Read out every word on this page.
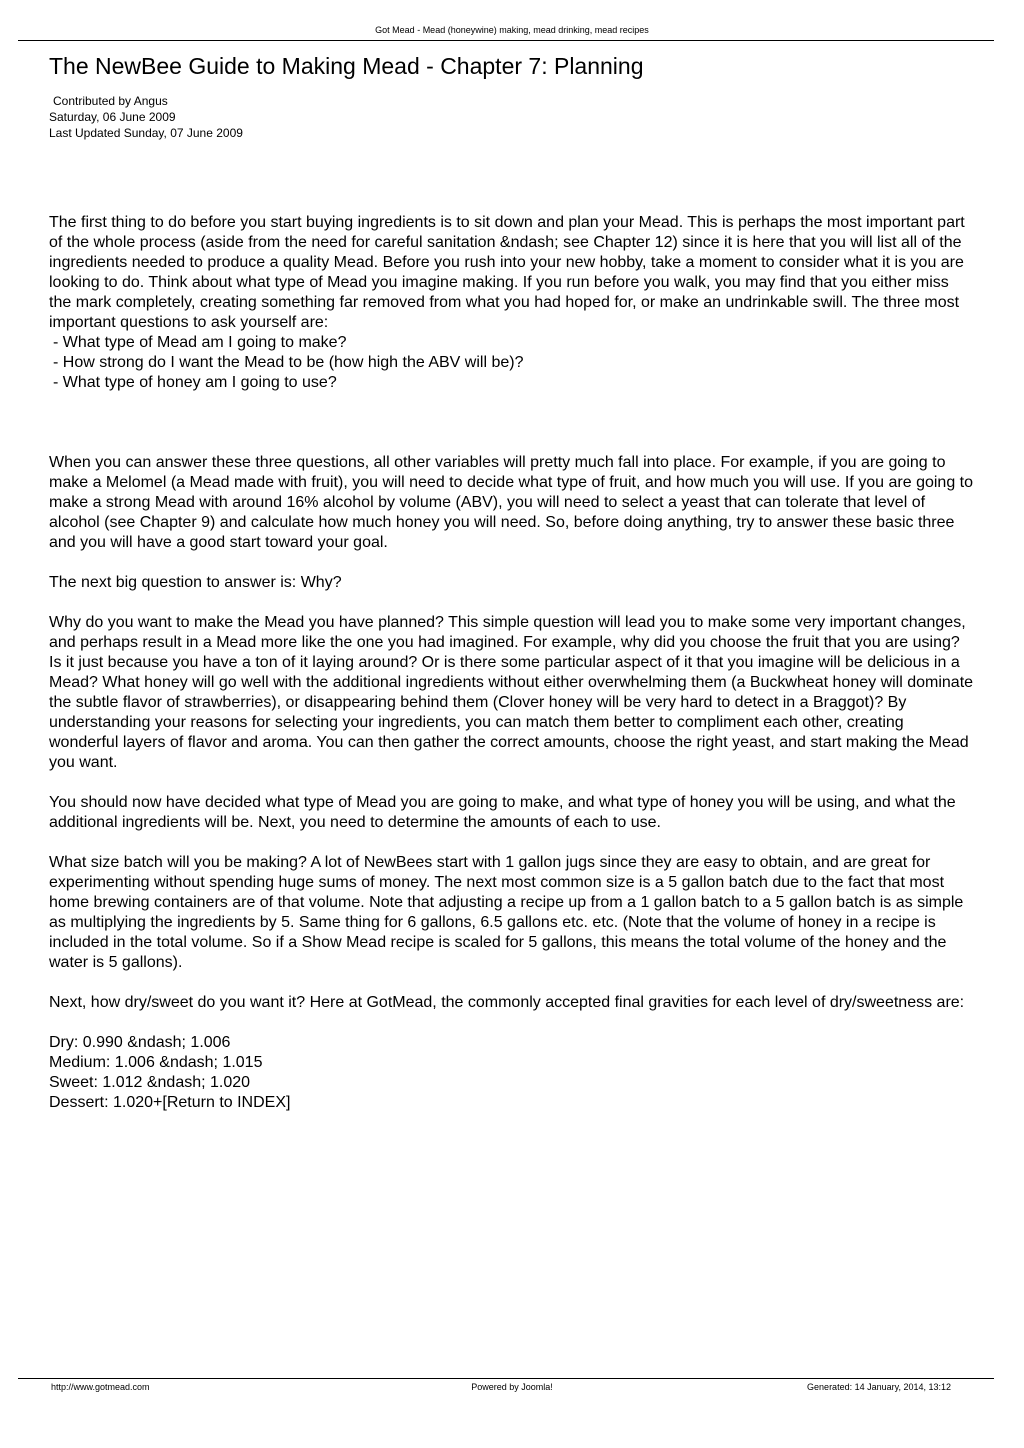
Got Mead - Mead (honeywine) making, mead drinking, mead recipes
The NewBee Guide to Making Mead - Chapter 7: Planning
Contributed by Angus
Saturday, 06 June 2009
Last Updated Sunday, 07 June 2009

The first thing to do before you start buying ingredients is to sit down and plan your Mead. This is perhaps the most important part of the whole process (aside from the need for careful sanitation &ndash; see Chapter 12) since it is here that you will list all of the ingredients needed to produce a quality Mead. Before you rush into your new hobby, take a moment to consider what it is you are looking to do. Think about what type of Mead you imagine making. If you run before you walk, you may find that you either miss the mark completely, creating something far removed from what you had hoped for, or make an undrinkable swill. The three most important questions to ask yourself are:

- What type of Mead am I going to make?
- How strong do I want the Mead to be (how high the ABV will be)?
- What type of honey am I going to use?

When you can answer these three questions, all other variables will pretty much fall into place. For example, if you are going to make a Melomel (a Mead made with fruit), you will need to decide what type of fruit, and how much you will use. If you are going to make a strong Mead with around 16% alcohol by volume (ABV), you will need to select a yeast that can tolerate that level of alcohol (see Chapter 9) and calculate how much honey you will need. So, before doing anything, try to answer these basic three and you will have a good start toward your goal.

The next big question to answer is: Why?

Why do you want to make the Mead you have planned? This simple question will lead you to make some very important changes, and perhaps result in a Mead more like the one you had imagined. For example, why did you choose the fruit that you are using? Is it just because you have a ton of it laying around? Or is there some particular aspect of it that you imagine will be delicious in a Mead? What honey will go well with the additional ingredients without either overwhelming them (a Buckwheat honey will dominate the subtle flavor of strawberries), or disappearing behind them (Clover honey will be very hard to detect in a Braggot)? By understanding your reasons for selecting your ingredients, you can match them better to compliment each other, creating wonderful layers of flavor and aroma. You can then gather the correct amounts, choose the right yeast, and start making the Mead you want.

You should now have decided what type of Mead you are going to make, and what type of honey you will be using, and what the additional ingredients will be. Next, you need to determine the amounts of each to use.

What size batch will you be making? A lot of NewBees start with 1 gallon jugs since they are easy to obtain, and are great for experimenting without spending huge sums of money. The next most common size is a 5 gallon batch due to the fact that most home brewing containers are of that volume. Note that adjusting a recipe up from a 1 gallon batch to a 5 gallon batch is as simple as multiplying the ingredients by 5. Same thing for 6 gallons, 6.5 gallons etc. etc. (Note that the volume of honey in a recipe is included in the total volume. So if a Show Mead recipe is scaled for 5 gallons, this means the total volume of the honey and the water is 5 gallons).

Next, how dry/sweet do you want it? Here at GotMead, the commonly accepted final gravities for each level of dry/sweetness are:

Dry: 0.990 &ndash; 1.006
Medium: 1.006 &ndash; 1.015
Sweet: 1.012 &ndash; 1.020
Dessert: 1.020+[Return to INDEX]
http://www.gotmead.com	Powered by Joomla!	Generated: 14 January, 2014, 13:12
